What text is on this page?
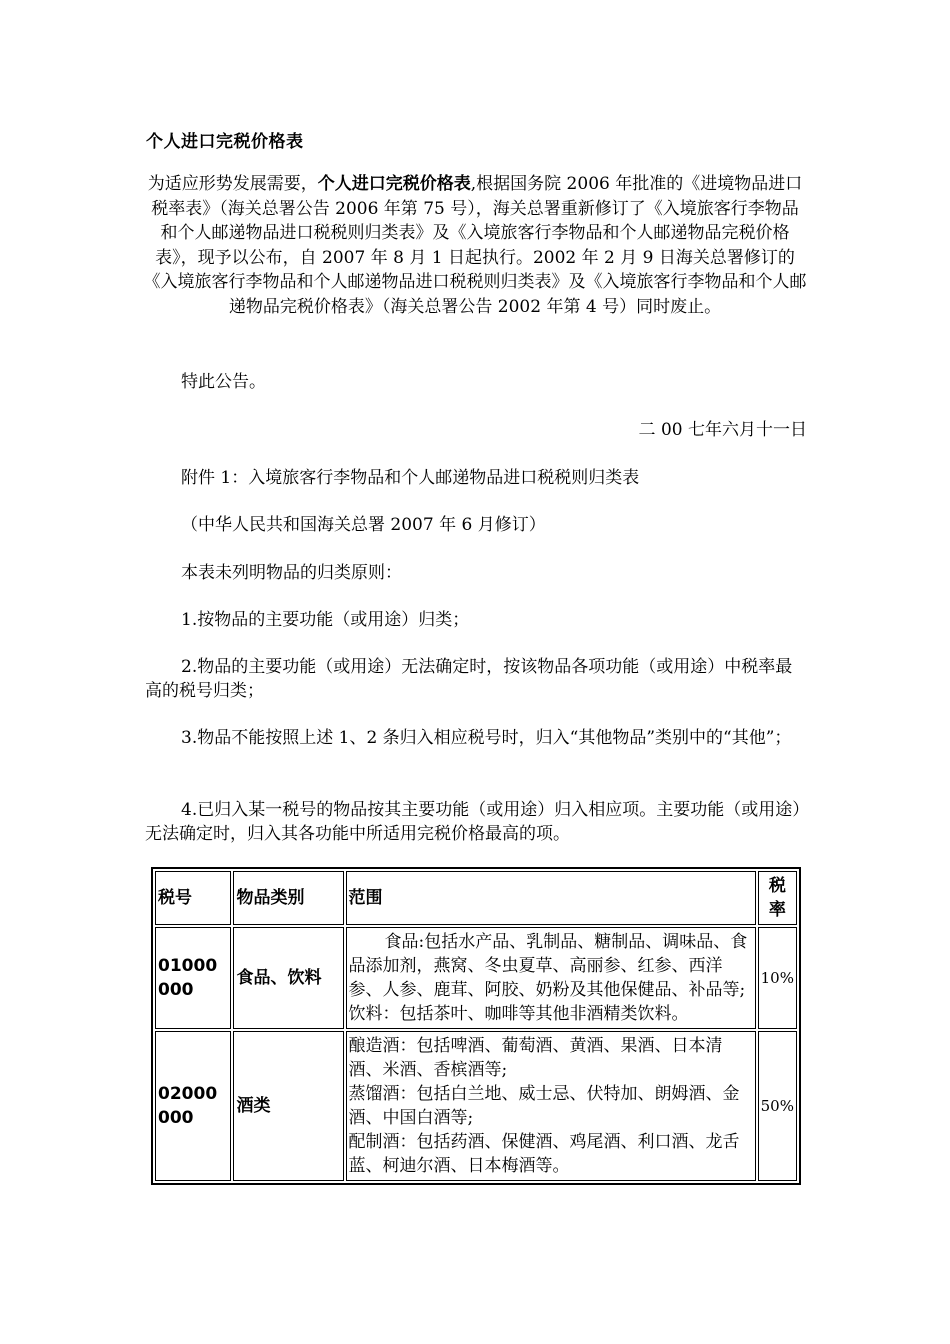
个人进口完税价格表
为适应形势发展需要，个人进口完税价格表,根据国务院 2006 年批准的《进境物品进口税率表》（海关总署公告 2006 年第 75 号），海关总署重新修订了《入境旅客行李物品和个人邮递物品进口税税则归类表》及《入境旅客行李物品和个人邮递物品完税价格表》，现予以公布，自 2007 年 8 月 1 日起执行。2002 年 2 月 9 日海关总署修订的《入境旅客行李物品和个人邮递物品进口税税则归类表》及《入境旅客行李物品和个人邮递物品完税价格表》（海关总署公告 2002 年第 4 号）同时废止。
特此公告。
二 00 七年六月十一日
附件 1：入境旅客行李物品和个人邮递物品进口税税则归类表
（中华人民共和国海关总署 2007 年 6 月修订）
本表未列明物品的归类原则：
1.按物品的主要功能（或用途）归类；
2.物品的主要功能（或用途）无法确定时，按该物品各项功能（或用途）中税率最高的税号归类；
3.物品不能按照上述 1、2 条归入相应税号时，归入“其他物品”类别中的“其他”；
4.已归入某一税号的物品按其主要功能（或用途）归入相应项。主要功能（或用途）无法确定时，归入其各功能中所适用完税价格最高的项。
税号	物品类别	范围	税率
01000000	食品、饮料	食品:包括水产品、乳制品、糖制品、调味品、食品添加剂，燕窝、冬虫夏草、高丽参、红参、西洋参、人参、鹿茸、阿胶、奶粉及其他保健品、补品等;
饮料：包括茶叶、咖啡等其他非酒精类饮料。	10%
02000000	酒类	酿造酒：包括啤酒、葡萄酒、黄酒、果酒、日本清酒、米酒、香槟酒等;
蒸馏酒：包括白兰地、威士忌、伏特加、朗姆酒、金酒、中国白酒等;
配制酒：包括药酒、保健酒、鸡尾酒、利口酒、龙舌蓝、柯迪尔酒、日本梅酒等。	50%
